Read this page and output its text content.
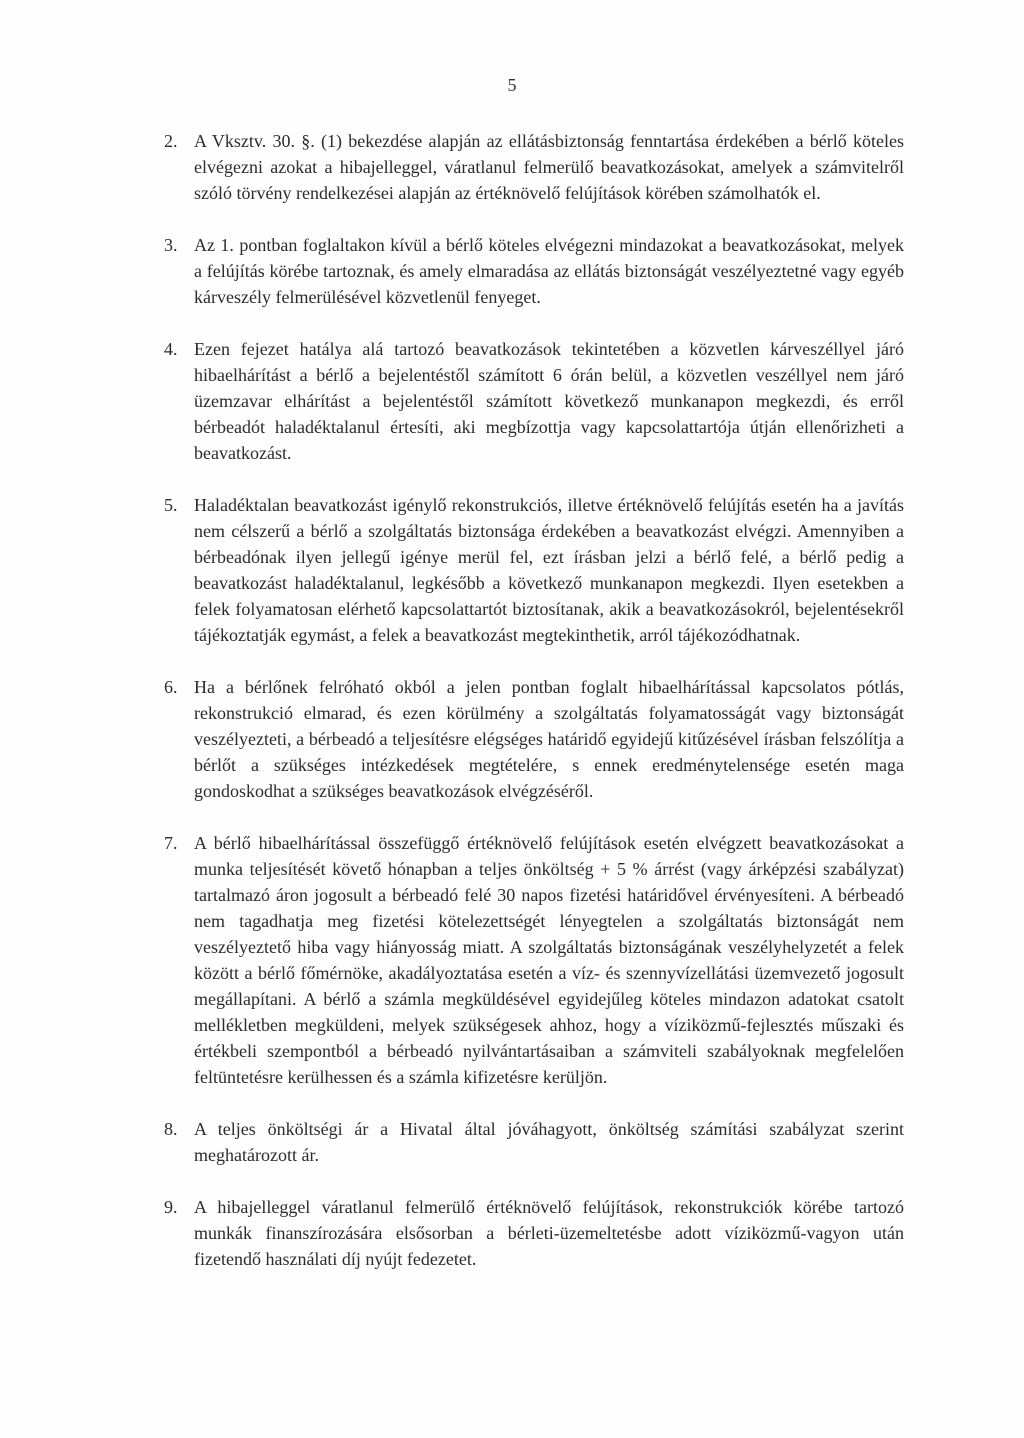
5
2. A Vksztv. 30. §. (1) bekezdése alapján az ellátásbiztonság fenntartása érdekében a bérlő köteles elvégezni azokat a hibajelleggel, váratlanul felmerülő beavatkozásokat, amelyek a számvitelről szóló törvény rendelkezései alapján az értéknövelő felújítások körében számolhatók el.
3. Az 1. pontban foglaltakon kívül a bérlő köteles elvégezni mindazokat a beavatkozásokat, melyek a felújítás körébe tartoznak, és amely elmaradása az ellátás biztonságát veszélyeztetné vagy egyéb kárveszély felmerülésével közvetlenül fenyeget.
4. Ezen fejezet hatálya alá tartozó beavatkozások tekintetében a közvetlen kárveszéllyel járó hibaelhárítást a bérlő a bejelentéstől számított 6 órán belül, a közvetlen veszéllyel nem járó üzemzavar elhárítást a bejelentéstől számított következő munkanapon megkezdi, és erről bérbeadót haladéktalanul értesíti, aki megbízottja vagy kapcsolattartója útján ellenőrizheti a beavatkozást.
5. Haladéktalan beavatkozást igénylő rekonstrukciós, illetve értéknövelő felújítás esetén ha a javítás nem célszerű a bérlő a szolgáltatás biztonsága érdekében a beavatkozást elvégzi. Amennyiben a bérbeadónak ilyen jellegű igénye merül fel, ezt írásban jelzi a bérlő felé, a bérlő pedig a beavatkozást haladéktalanul, legkésőbb a következő munkanapon megkezdi. Ilyen esetekben a felek folyamatosan elérhető kapcsolattartót biztosítanak, akik a beavatkozásokról, bejelentésekről tájékoztatják egymást, a felek a beavatkozást megtekinthetik, arról tájékozódhatnak.
6. Ha a bérlőnek felróható okból a jelen pontban foglalt hibaelhárítással kapcsolatos pótlás, rekonstrukció elmarad, és ezen körülmény a szolgáltatás folyamatosságát vagy biztonságát veszélyezteti, a bérbeadó a teljesítésre elégséges határidő egyidejű kitűzésével írásban felszólítja a bérlőt a szükséges intézkedések megtételére, s ennek eredménytelensége esetén maga gondoskodhat a szükséges beavatkozások elvégzéséről.
7. A bérlő hibaelhárítással összefüggő értéknövelő felújítások esetén elvégzett beavatkozásokat a munka teljesítését követő hónapban a teljes önköltség + 5 % árrést (vagy árképzési szabályzat) tartalmazó áron jogosult a bérbeadó felé 30 napos fizetési határidővel érvényesíteni. A bérbeadó nem tagadhatja meg fizetési kötelezettségét lényegtelen a szolgáltatás biztonságát nem veszélyeztető hiba vagy hiányosság miatt. A szolgáltatás biztonságának veszélyhelyzetét a felek között a bérlő főmérnöke, akadályoztatása esetén a víz- és szennyvízellátási üzemvezető jogosult megállapítani. A bérlő a számla megküldésével egyidejűleg köteles mindazon adatokat csatolt mellékletben megküldeni, melyek szükségesek ahhoz, hogy a víziközmű-fejlesztés műszaki és értékbeli szempontból a bérbeadó nyilvántartásaiban a számviteli szabályoknak megfelelően feltüntetésre kerülhessen és a számla kifizetésre kerüljön.
8. A teljes önköltségi ár a Hivatal által jóváhagyott, önköltség számítási szabályzat szerint meghatározott ár.
9. A hibajelleggel váratlanul felmerülő értéknövelő felújítások, rekonstrukciók körébe tartozó munkák finanszírozására elsősorban a bérleti-üzemeltetésbe adott víziközmű-vagyon után fizetendő használati díj nyújt fedezetet.
